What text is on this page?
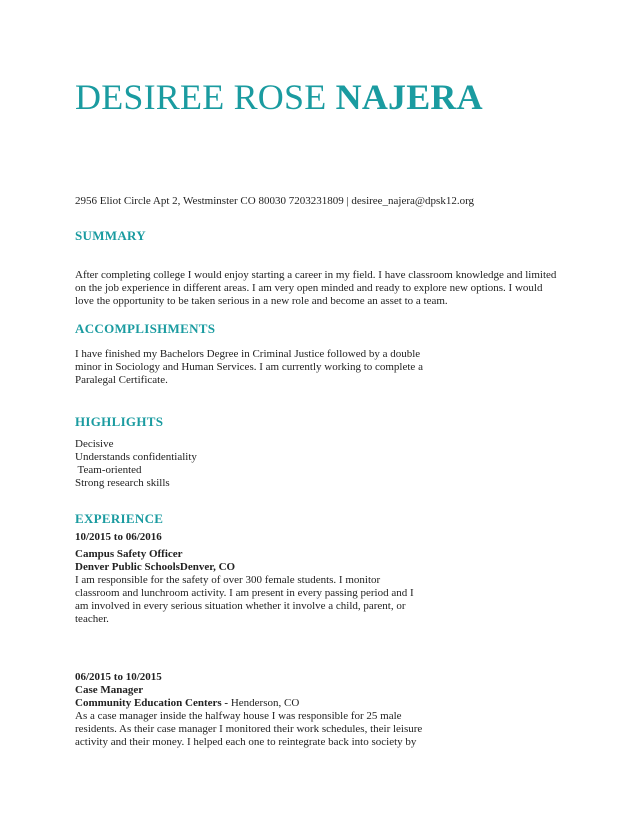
DESIREE ROSE NAJERA
2956 Eliot Circle Apt 2, Westminster CO 80030 7203231809 | desiree_najera@dpsk12.org
SUMMARY
After completing college I would enjoy starting a career in my field. I have classroom knowledge and limited
on the job experience in different areas. I am very open minded and ready to explore new options. I would
love the opportunity to be taken serious in a new role and become an asset to a team.
ACCOMPLISHMENTS
I have finished my Bachelors Degree in Criminal Justice followed by a double
minor in Sociology and Human Services. I am currently working to complete a
Paralegal Certificate.
HIGHLIGHTS
Decisive
Understands confidentiality
Team-oriented
Strong research skills
EXPERIENCE
10/2015 to 06/2016
Campus Safety Officer
Denver Public SchoolsDenver, CO
I am responsible for the safety of over 300 female students. I monitor
classroom and lunchroom activity. I am present in every passing period and I
am involved in every serious situation whether it involve a child, parent, or
teacher.
06/2015 to 10/2015
Case Manager
Community Education Centers - Henderson, CO
As a case manager inside the halfway house I was responsible for 25 male
residents. As their case manager I monitored their work schedules, their leisure
activity and their money. I helped each one to reintegrate back into society by
